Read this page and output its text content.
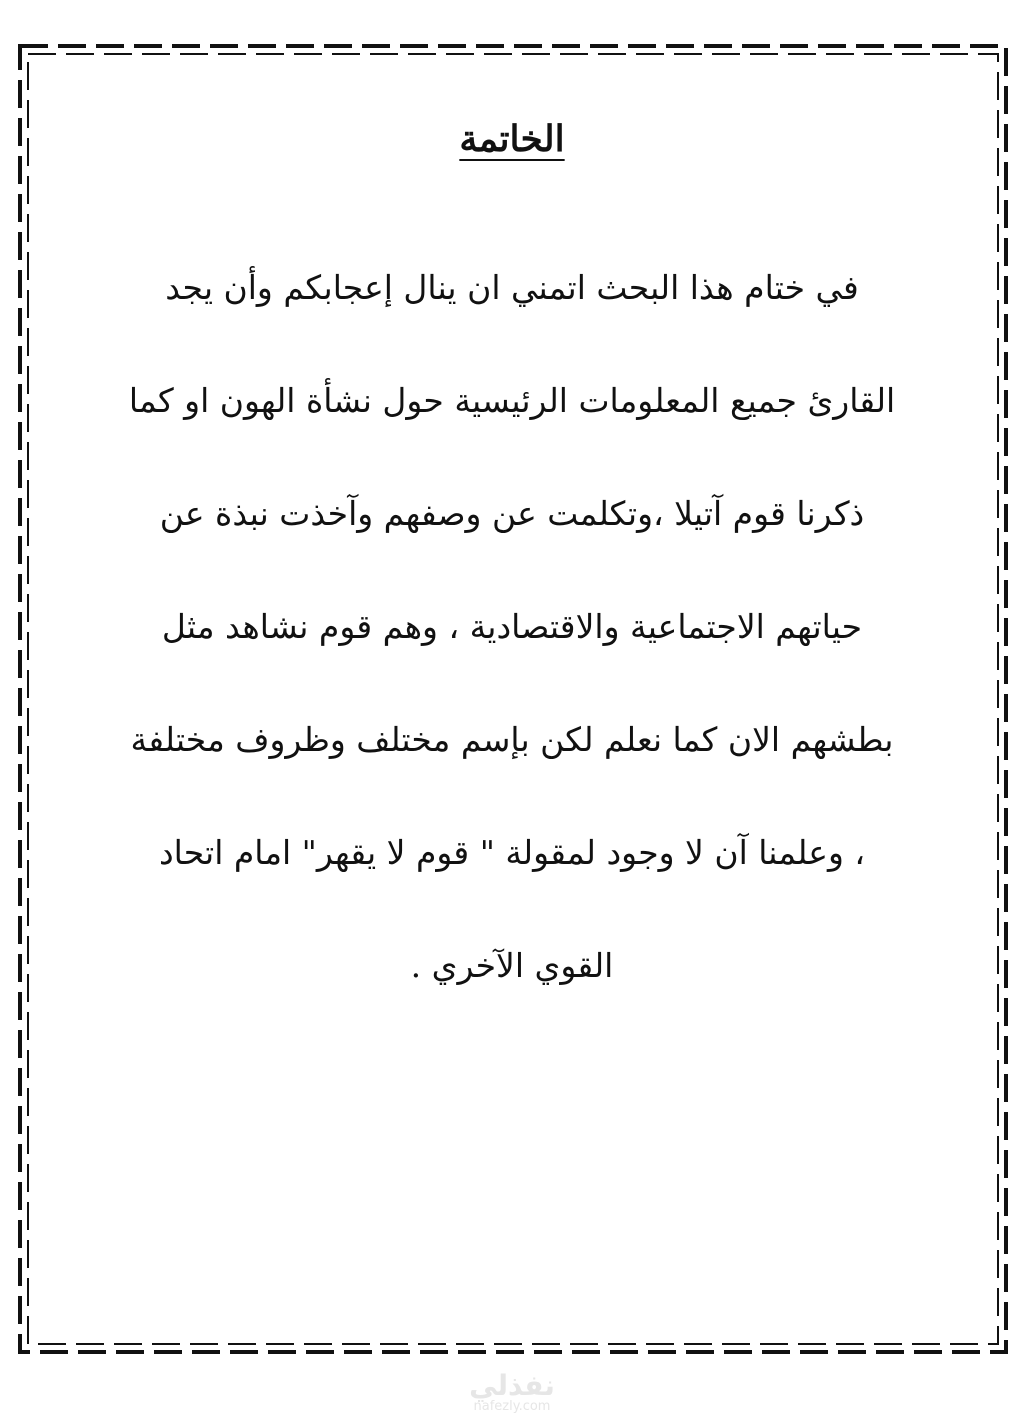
الخاتمة
في ختام هذا البحث اتمني ان ينال إعجابكم وأن يجد
القارئ جميع المعلومات الرئيسية حول نشأة الهون او كما
ذكرنا قوم آتيلا ،وتكلمت عن وصفهم وآخذت نبذة عن
حياتهم الاجتماعية والاقتصادية ، وهم قوم نشاهد مثل
بطشهم الان كما نعلم لكن بإسم مختلف وظروف مختلفة
، وعلمنا آن لا وجود لمقولة " قوم لا يقهر" امام اتحاد
القوي الآخري .
نفذلي
nafezly.com
